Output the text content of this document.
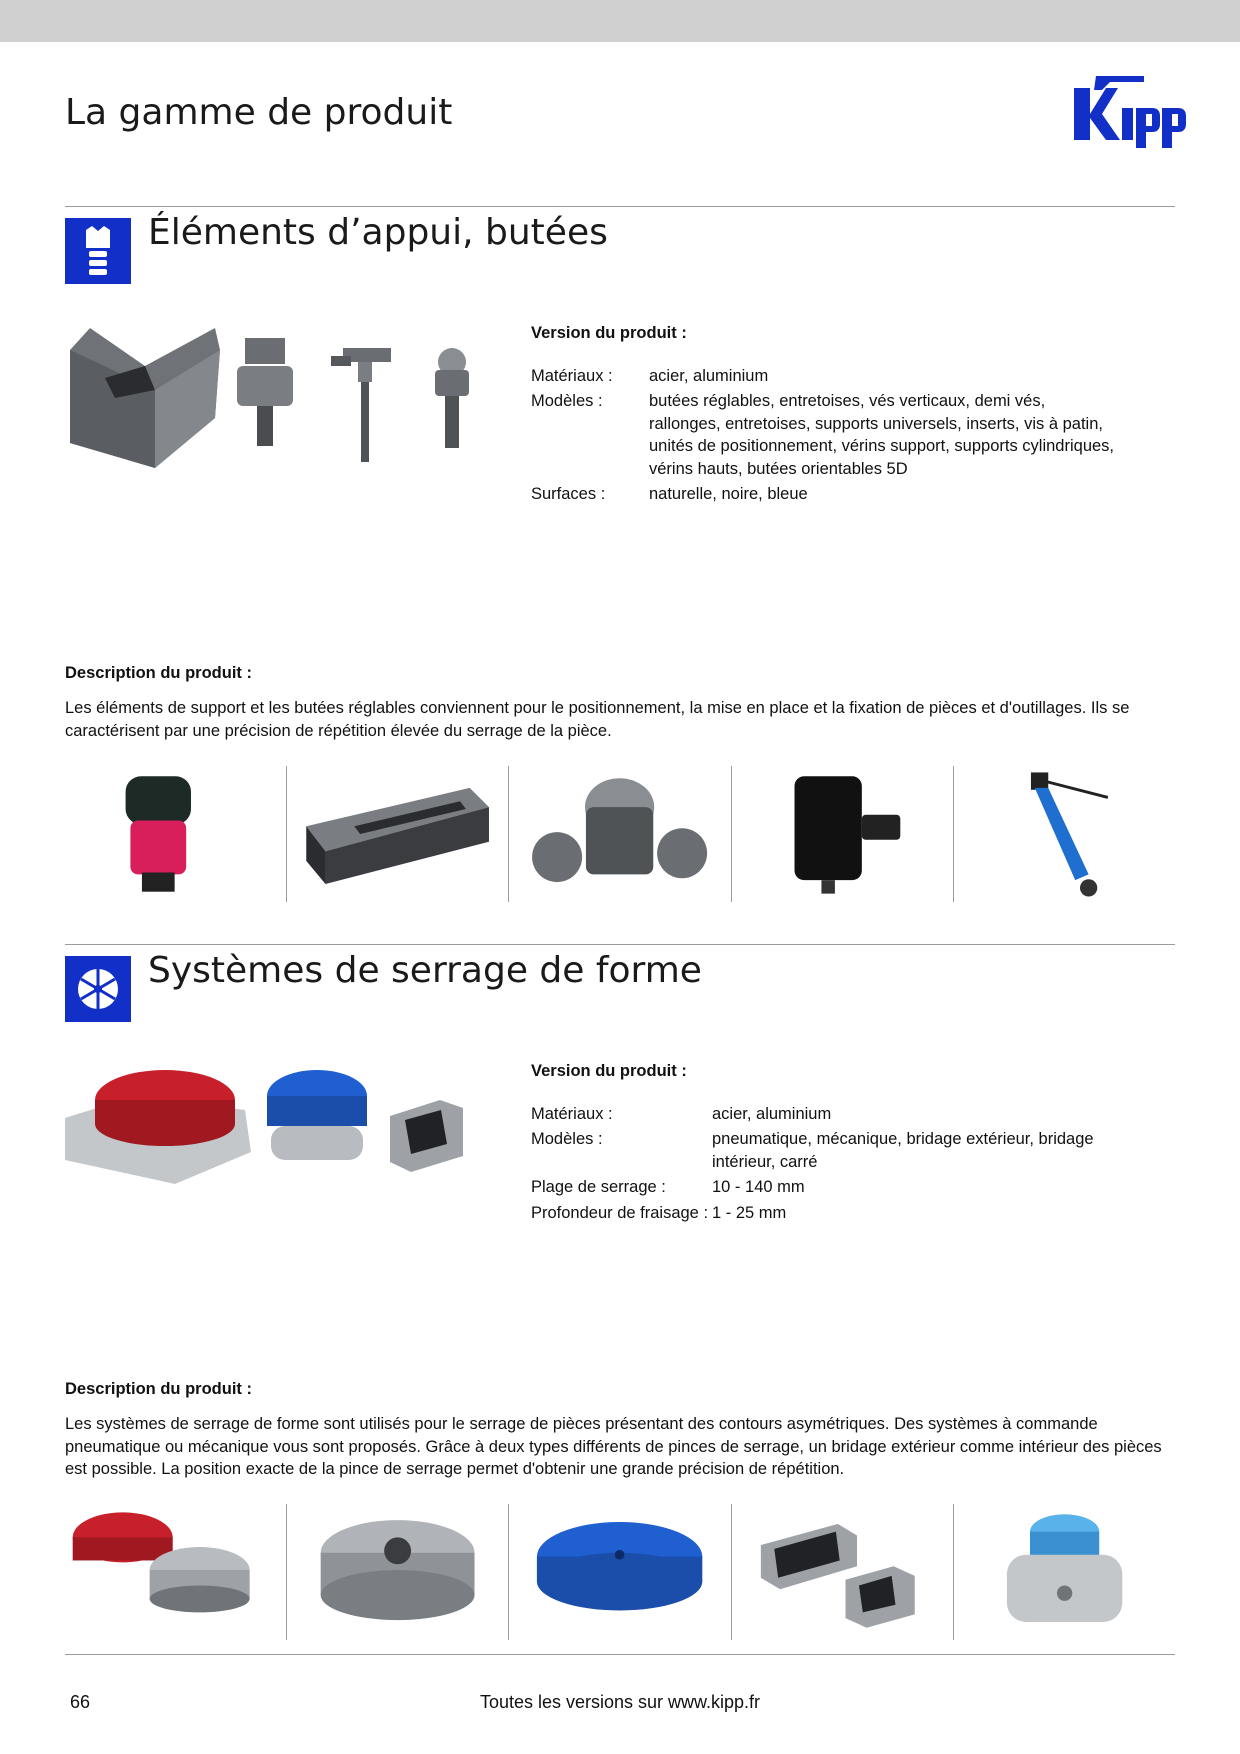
La gamme de produit
Éléments d’appui, butées
Version du produit :
Matériaux :	acier, aluminium
Modèles :	butées réglables, entretoises, vés verticaux, demi vés, rallonges, entretoises, supports universels, inserts, vis à patin, unités de positionnement, vérins support, supports cylindriques, vérins hauts, butées orientables 5D
Surfaces :	naturelle, noire, bleue
Description du produit :

Les éléments de support et les butées réglables conviennent pour le positionnement, la mise en place et la fixation de pièces et d'outillages. Ils se caractérisent par une précision de répétition élevée du serrage de la pièce.

Systèmes de serrage de forme
Version du produit :
Matériaux :	acier, aluminium
Modèles :	pneumatique, mécanique, bridage extérieur, bridage intérieur, carré
Plage de serrage :	10 - 140 mm
Profondeur de fraisage :	1 - 25 mm
Description du produit :

Les systèmes de serrage de forme sont utilisés pour le serrage de pièces présentant des contours asymétriques. Des systèmes à commande pneumatique ou mécanique vous sont proposés. Grâce à deux types différents de pinces de serrage, un bridage extérieur comme intérieur des pièces est possible. La position exacte de la pince de serrage permet d'obtenir une grande précision de répétition.

66	Toutes les versions sur www.kipp.fr
